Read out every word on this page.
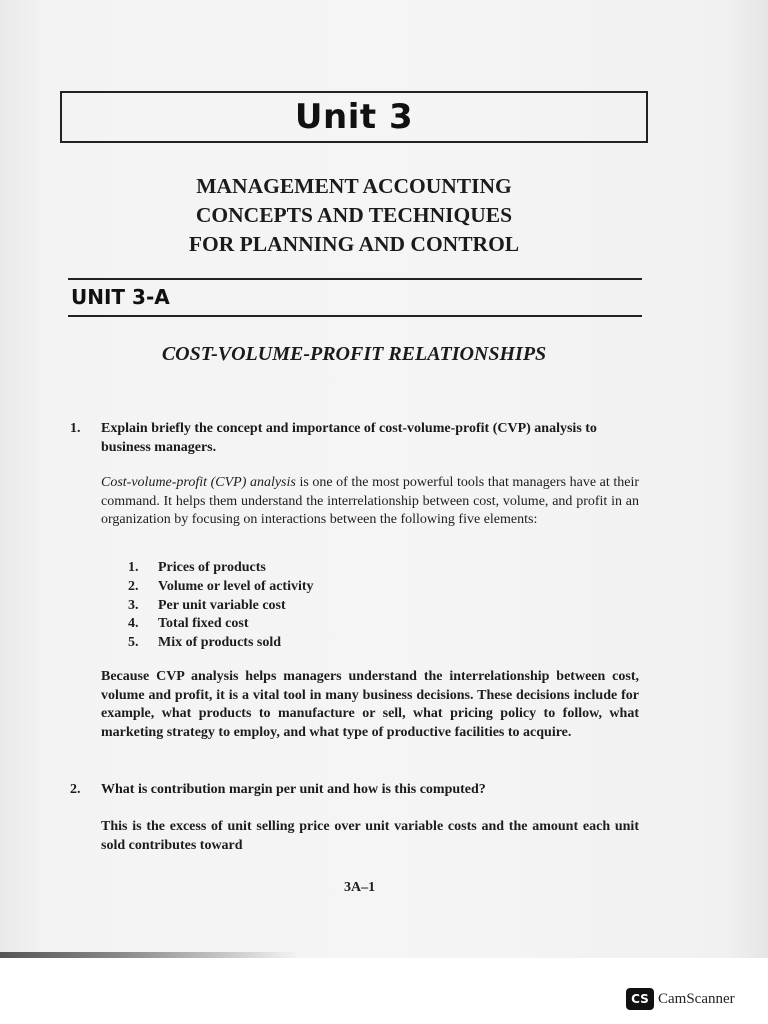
Unit 3
MANAGEMENT ACCOUNTING
CONCEPTS AND TECHNIQUES
FOR PLANNING AND CONTROL
UNIT 3-A
COST-VOLUME-PROFIT RELATIONSHIPS
1. Explain briefly the concept and importance of cost-volume-profit (CVP) analysis to business managers.
Cost-volume-profit (CVP) analysis is one of the most powerful tools that managers have at their command. It helps them understand the interrelationship between cost, volume, and profit in an organization by focusing on interactions between the following five elements:
1. Prices of products
2. Volume or level of activity
3. Per unit variable cost
4. Total fixed cost
5. Mix of products sold
Because CVP analysis helps managers understand the interrelationship between cost, volume and profit, it is a vital tool in many business decisions. These decisions include for example, what products to manufacture or sell, what pricing policy to follow, what marketing strategy to employ, and what type of productive facilities to acquire.
2. What is contribution margin per unit and how is this computed?
This is the excess of unit selling price over unit variable costs and the amount each unit sold contributes toward
3A–1
CS CamScanner
